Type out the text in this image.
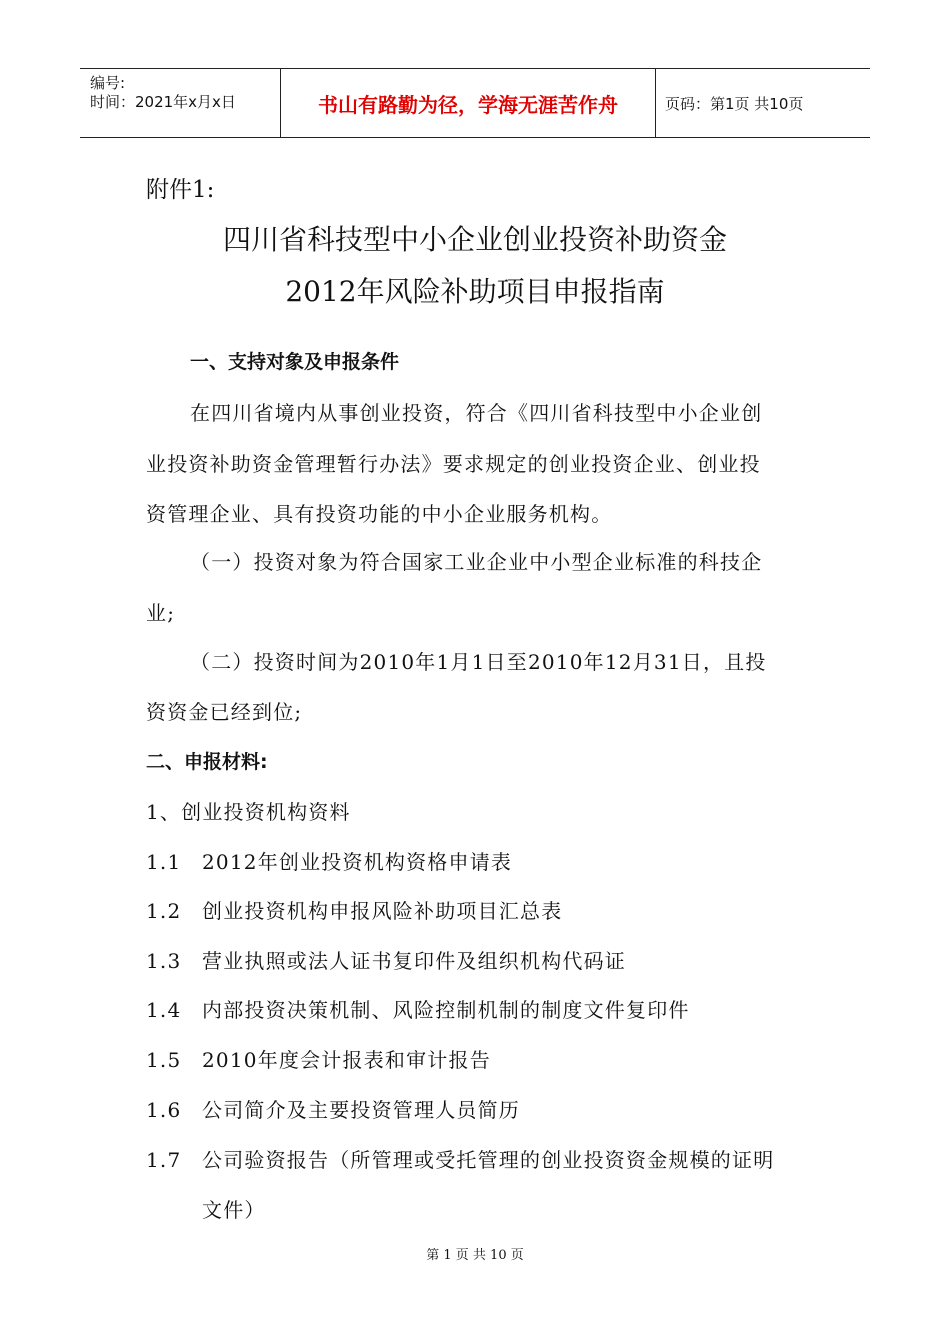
编号:
时间：2021年x月x日	书山有路勤为径，学海无涯苦作舟	页码：第1页 共10页
附件1:
四川省科技型中小企业创业投资补助资金
2012年风险补助项目申报指南
一、支持对象及申报条件
在四川省境内从事创业投资，符合《四川省科技型中小企业创
业投资补助资金管理暂行办法》要求规定的创业投资企业、创业投
资管理企业、具有投资功能的中小企业服务机构。
（一）投资对象为符合国家工业企业中小型企业标准的科技企
业;
（二）投资时间为2010年1月1日至2010年12月31日，且投
资资金已经到位;
二、申报材料:
1、创业投资机构资料
1.1 2012年创业投资机构资格申请表
1.2 创业投资机构申报风险补助项目汇总表
1.3 营业执照或法人证书复印件及组织机构代码证
1.4 内部投资决策机制、风险控制机制的制度文件复印件
1.5 2010年度会计报表和审计报告
1.6 公司简介及主要投资管理人员简历
1.7 公司验资报告（所管理或受托管理的创业投资资金规模的证明
文件）
第 1 页 共 10 页
